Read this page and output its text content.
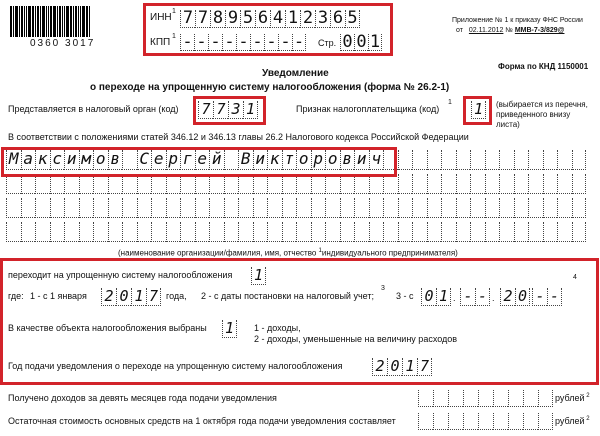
0360 3017
ИНН
1 7 7 8 9 5 6 4 1 2 3 6 5
КПП
1 - - - - - - - - - Стр. 0 0 1
Приложение № 1 к приказу ФНС России
от 02.11.2012 № ММВ-7-3/829@
Форма по КНД 1150001
Уведомление
о переходе на упрощенную систему налогообложения (форма № 26.2-1)
Представляется в налоговый орган (код) 7 7 3 1	Признак налогоплательщика (код)
1 1 (выбирается из перечня, приведенного внизу листа)
В соответствии с положениями статей 346.12 и 346.13 главы 26.2 Налогового кодекса Российской Федерации
М а к с и м о в С е р г е й В и к т о р о в и ч
(наименование организации/фамилия, имя, отчество $^1$индивидуального предпринимателя)
переходит на упрощенную систему налогообложения 1	4
где: 1 - с 1 января 2 0 1 7 года, 2 - с даты постановки на налоговый учет;
3
3 - с 0 1 . - - . 2 0 - -
В качестве объекта налогообложения выбраны 1 1 - доходы,
2 - доходы, уменьшенные на величину расходов
Год подачи уведомления о переходе на упрощенную систему налогообложения 2 0 1 7
Получено доходов за девять месяцев года подачи уведомления	рублей $^2$
Остаточная стоимость основных средств на 1 октября года подачи уведомления составляет	рублей $^2$
